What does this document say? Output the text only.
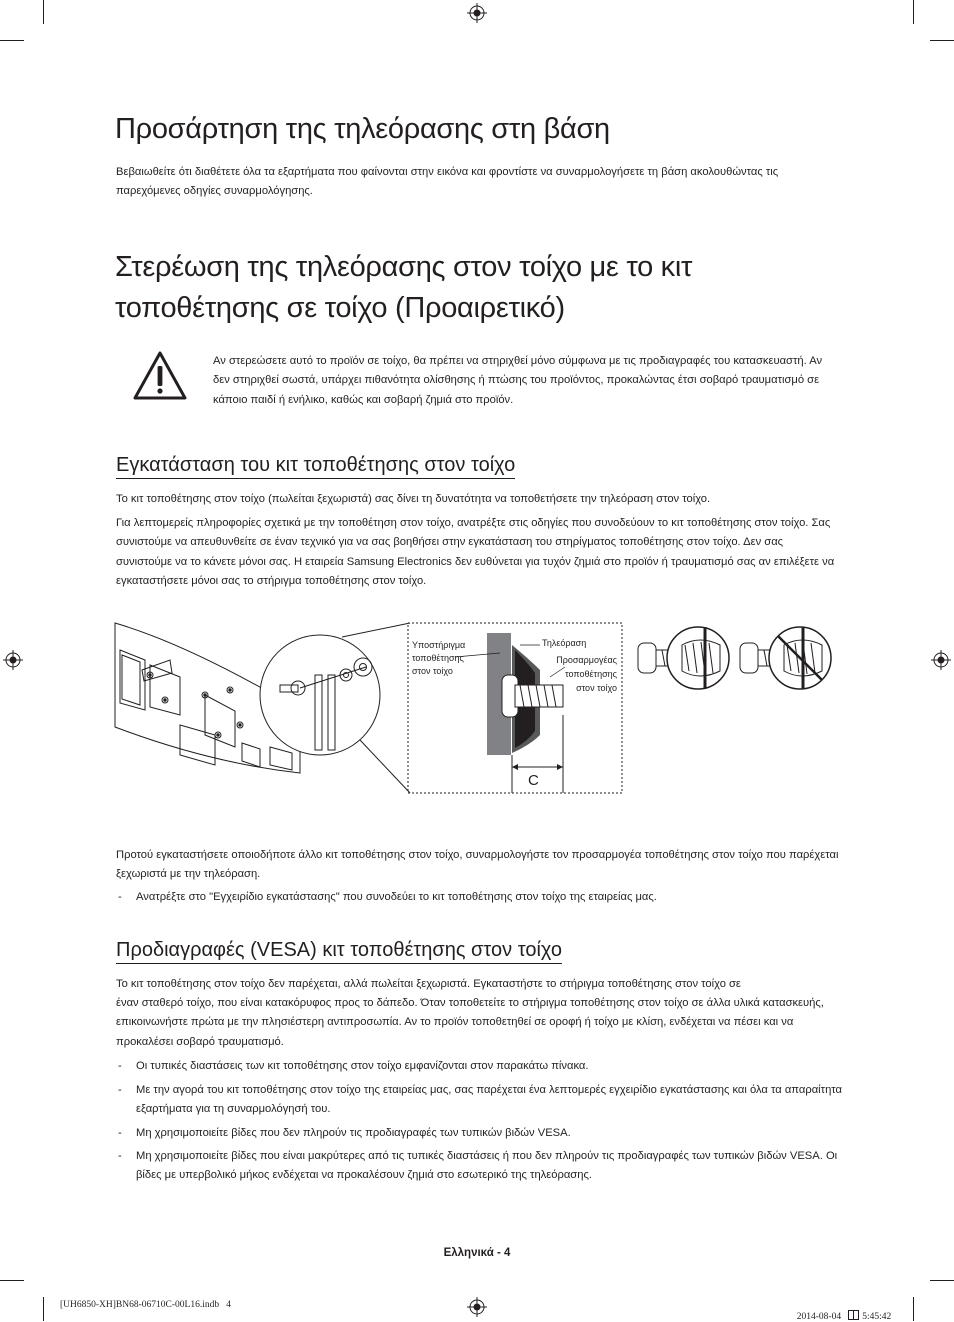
Προσάρτηση της τηλεόρασης στη βάση

Βεβαιωθείτε ότι διαθέτετε όλα τα εξαρτήματα που φαίνονται στην εικόνα και φροντίστε να συναρμολογήσετε τη βάση ακολουθώντας τις παρεχόμενες οδηγίες συναρμολόγησης.

Στερέωση της τηλεόρασης στον τοίχο με το κιτ
τοποθέτησης σε τοίχο (Προαιρετικό)

Αν στερεώσετε αυτό το προϊόν σε τοίχο, θα πρέπει να στηριχθεί μόνο σύμφωνα με τις προδιαγραφές του κατασκευαστή. Αν δεν στηριχθεί σωστά, υπάρχει πιθανότητα ολίσθησης ή πτώσης του προϊόντος, προκαλώντας έτσι σοβαρό τραυματισμό σε κάποιο παιδί ή ενήλικο, καθώς και σοβαρή ζημιά στο προϊόν.

Εγκατάσταση του κιτ τοποθέτησης στον τοίχο

Το κιτ τοποθέτησης στον τοίχο (πωλείται ξεχωριστά) σας δίνει τη δυνατότητα να τοποθετήσετε την τηλεόραση στον τοίχο.

Για λεπτομερείς πληροφορίες σχετικά με την τοποθέτηση στον τοίχο, ανατρέξτε στις οδηγίες που συνοδεύουν το κιτ τοποθέτησης στον τοίχο. Σας συνιστούμε να απευθυνθείτε σε έναν τεχνικό για να σας βοηθήσει στην εγκατάσταση του στηρίγματος τοποθέτησης στον τοίχο. Δεν σας συνιστούμε να το κάνετε μόνοι σας. Η εταιρεία Samsung Electronics δεν ευθύνεται για τυχόν ζημιά στο προϊόν ή τραυματισμό σας αν επιλέξετε να εγκαταστήσετε μόνοι σας το στήριγμα τοποθέτησης στον τοίχο.

Υποστήριγμα
τοποθέτησης
στον τοίχο
Τηλεόραση
Προσαρμογέας
τοποθέτησης
στον τοίχο
C

Προτού εγκαταστήσετε οποιοδήποτε άλλο κιτ τοποθέτησης στον τοίχο, συναρμολογήστε τον προσαρμογέα τοποθέτησης στον τοίχο που παρέχεται ξεχωριστά με την τηλεόραση.

- Ανατρέξτε στο "Εγχειρίδιο εγκατάστασης" που συνοδεύει το κιτ τοποθέτησης στον τοίχο της εταιρείας μας.
Προδιαγραφές (VESA) κιτ τοποθέτησης στον τοίχο

Το κιτ τοποθέτησης στον τοίχο δεν παρέχεται, αλλά πωλείται ξεχωριστά. Εγκαταστήστε το στήριγμα τοποθέτησης στον τοίχο σε

έναν σταθερό τοίχο, που είναι κατακόρυφος προς το δάπεδο. Όταν τοποθετείτε το στήριγμα τοποθέτησης στον τοίχο σε άλλα υλικά κατασκευής, επικοινωνήστε πρώτα με την πλησιέστερη αντιπροσωπία. Αν το προϊόν τοποθετηθεί σε οροφή ή τοίχο με κλίση, ενδέχεται να πέσει και να προκαλέσει σοβαρό τραυματισμό.

- Οι τυπικές διαστάσεις των κιτ τοποθέτησης στον τοίχο εμφανίζονται στον παρακάτω πίνακα.
- Με την αγορά του κιτ τοποθέτησης στον τοίχο της εταιρείας μας, σας παρέχεται ένα λεπτομερές εγχειρίδιο εγκατάστασης και όλα τα απαραίτητα εξαρτήματα για τη συναρμολόγησή του.
- Μη χρησιμοποιείτε βίδες που δεν πληρούν τις προδιαγραφές των τυπικών βιδών VESA.
- Μη χρησιμοποιείτε βίδες που είναι μακρύτερες από τις τυπικές διαστάσεις ή που δεν πληρούν τις προδιαγραφές των τυπικών βιδών VESA. Οι βίδες με υπερβολικό μήκος ενδέχεται να προκαλέσουν ζημιά στο εσωτερικό της τηλεόρασης.
Ελληνικά - 4
[UH6850-XH]BN68-06710C-00L16.indb   4

2014-08-04
5:45:42
